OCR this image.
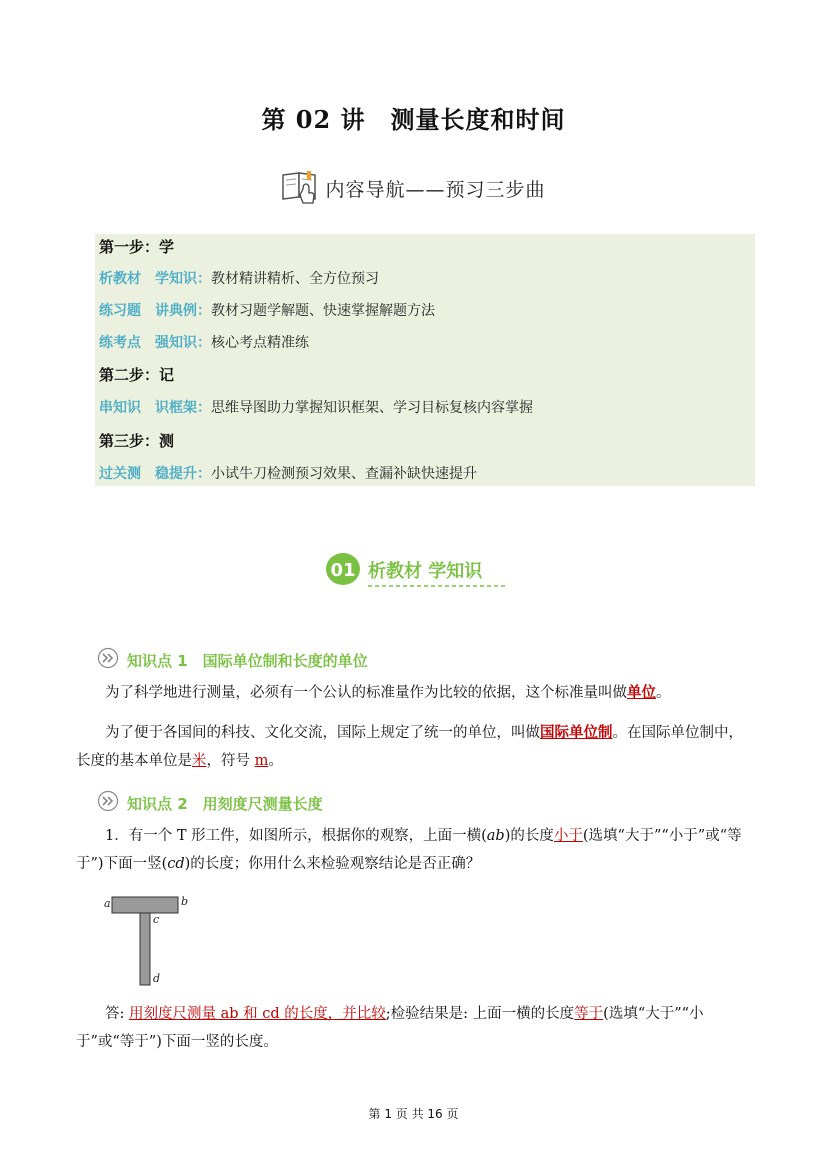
第 02 讲　测量长度和时间
内容导航——预习三步曲
第一步：学
析教材　学知识：教材精讲精析、全方位预习
练习题　讲典例：教材习题学解题、快速掌握解题方法
练考点　强知识：核心考点精准练
第二步：记
串知识　识框架：思维导图助力掌握知识框架、学习目标复核内容掌握
第三步：测
过关测　稳提升：小试牛刀检测预习效果、查漏补缺快速提升
01 析教材 学知识
知识点 1　国际单位制和长度的单位
为了科学地进行测量，必须有一个公认的标准量作为比较的依据，这个标准量叫做单位。
为了便于各国间的科技、文化交流，国际上规定了统一的单位，叫做国际单位制。在国际单位制中，长度的基本单位是米，符号 m。
知识点 2　用刻度尺测量长度
1．有一个 T 形工件，如图所示，根据你的观察，上面一横(ab)的长度小于(选填“大于”“小于”或“等于”)下面一竖(cd)的长度；你用什么来检验观察结论是否正确？
a	b
c
d
答: 用刻度尺测量 ab 和 cd 的长度，并比较;检验结果是: 上面一横的长度等于(选填“大于”“小于”或“等于”)下面一竖的长度。
第 1 页 共 16 页
